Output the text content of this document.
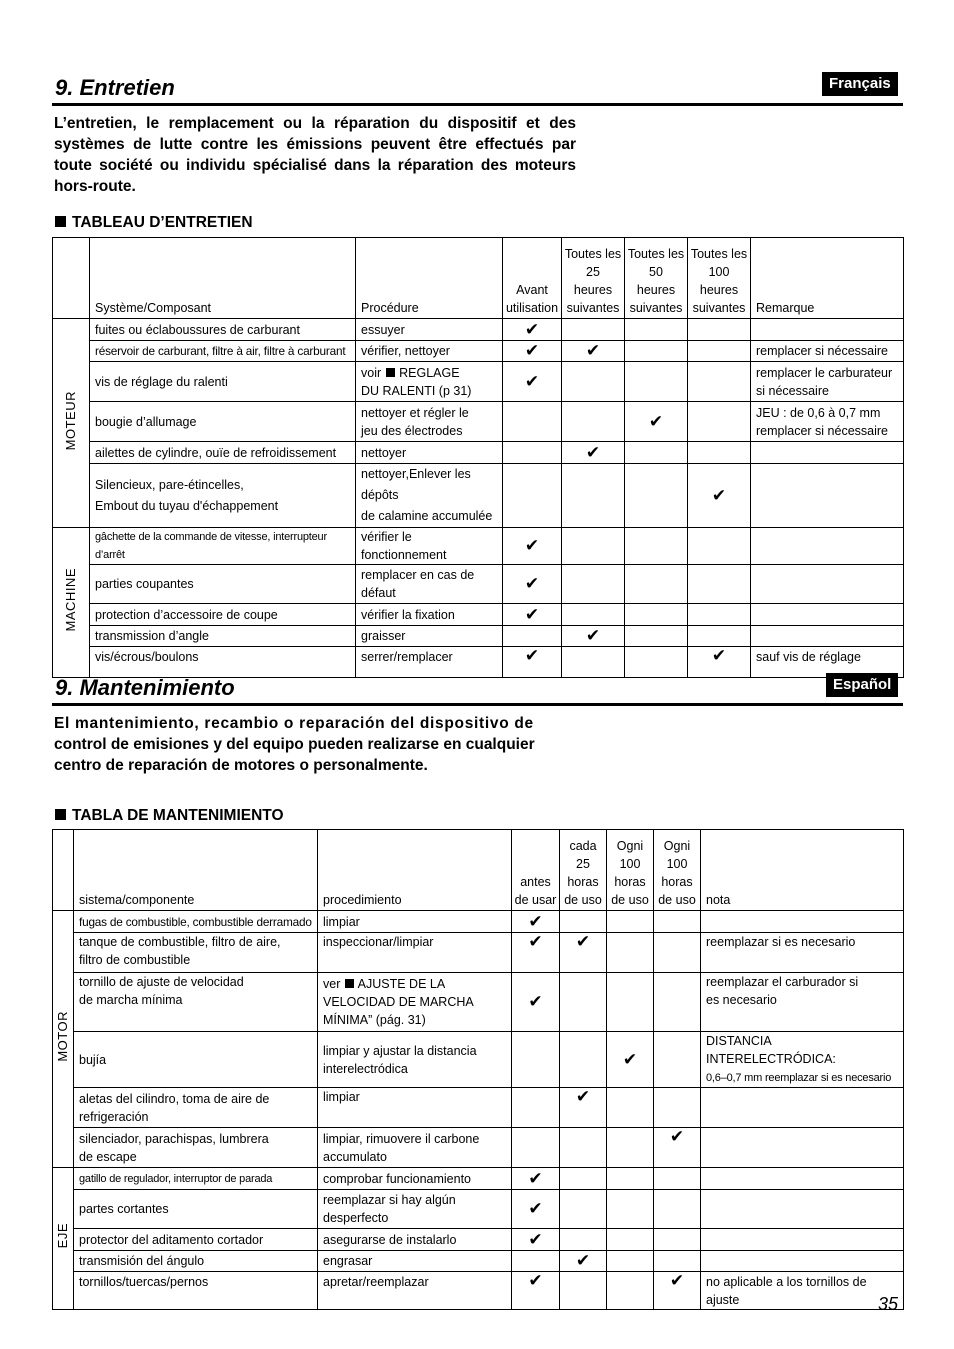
9. Entretien	Français

L’entretien, le remplacement ou la réparation du dispositif et des systèmes de lutte contre les émissions peuvent être effectués par toute société ou individu spécialisé dans la réparation des moteurs hors-route.

TABLEAU D’ENTRETIEN

	Système/Composant	Procédure	Avant
utilisation	Toutes les
25
heures
suivantes	Toutes les
50
heures
suivantes	Toutes les
100
heures
suivantes	Remarque
MOTEUR	fuites ou éclaboussures de carburant	essuyer	✔				
	réservoir de carburant, filtre à air, filtre à carburant	vérifier, nettoyer	✔	✔			remplacer si nécessaire
	vis de réglage du ralenti	voir REGLAGE
DU RALENTI (p 31)	✔				remplacer le carburateur
si nécessaire
	bougie d’allumage	nettoyer et régler le
jeu des électrodes			✔		JEU : de 0,6 à 0,7 mm
remplacer si nécessaire
	ailettes de cylindre, ouïe de refroidissement	nettoyer		✔			
	Silencieux, pare-étincelles,
Embout du tuyau d'échappement	nettoyer,Enlever les dépôts
de calamine accumulée				✔	
MACHINE	gâchette de la commande de vitesse, interrupteur d’arrêt	vérifier le fonctionnement	✔				
	parties coupantes	remplacer en cas de
défaut	✔				
	protection d’accessoire de coupe	vérifier la fixation	✔				
	transmission d’angle	graisser		✔			
	vis/écrous/boulons	serrer/remplacer	✔			✔	sauf vis de réglage
9. Mantenimiento	Español

El mantenimiento, recambio o reparación del dispositivo de
control de emisiones y del equipo pueden realizarse en cualquier
centro de reparación de motores o personalmente.

TABLA DE MANTENIMIENTO

	sistema/componente	procedimiento	antes
de usar	cada
25
horas
de uso	Ogni
100
horas
de uso	Ogni
100
horas
de uso	nota
MOTOR	fugas de combustible, combustible derramado	limpiar	✔				
	tanque de combustible, filtro de aire,
filtro de combustible	inspeccionar/limpiar	✔	✔			reemplazar si es necesario
	tornillo de ajuste de velocidad
de marcha mínima	ver AJUSTE DE LA
VELOCIDAD DE MARCHA
MÍNIMA” (pág. 31)	✔				reemplazar el carburador si
es necesario
	bujía	limpiar y ajustar la distancia
interelectródica			✔		DISTANCIA INTERELECTRÓDICA:
0,6–0,7 mm reemplazar si es necesario
	aletas del cilindro, toma de aire de
refrigeración	limpiar		✔			
	silenciador, parachispas, lumbrera
de escape	limpiar, rimuovere il carbone
accumulato				✔	
EJE	gatillo de regulador, interruptor de parada	comprobar funcionamiento	✔				
	partes cortantes	reemplazar si hay algún
desperfecto	✔				
	protector del aditamento cortador	asegurarse de instalarlo	✔				
	transmisión del ángulo	engrasar		✔			
	tornillos/tuercas/pernos	apretar/reemplazar	✔			✔	no aplicable a los tornillos de ajuste	35
